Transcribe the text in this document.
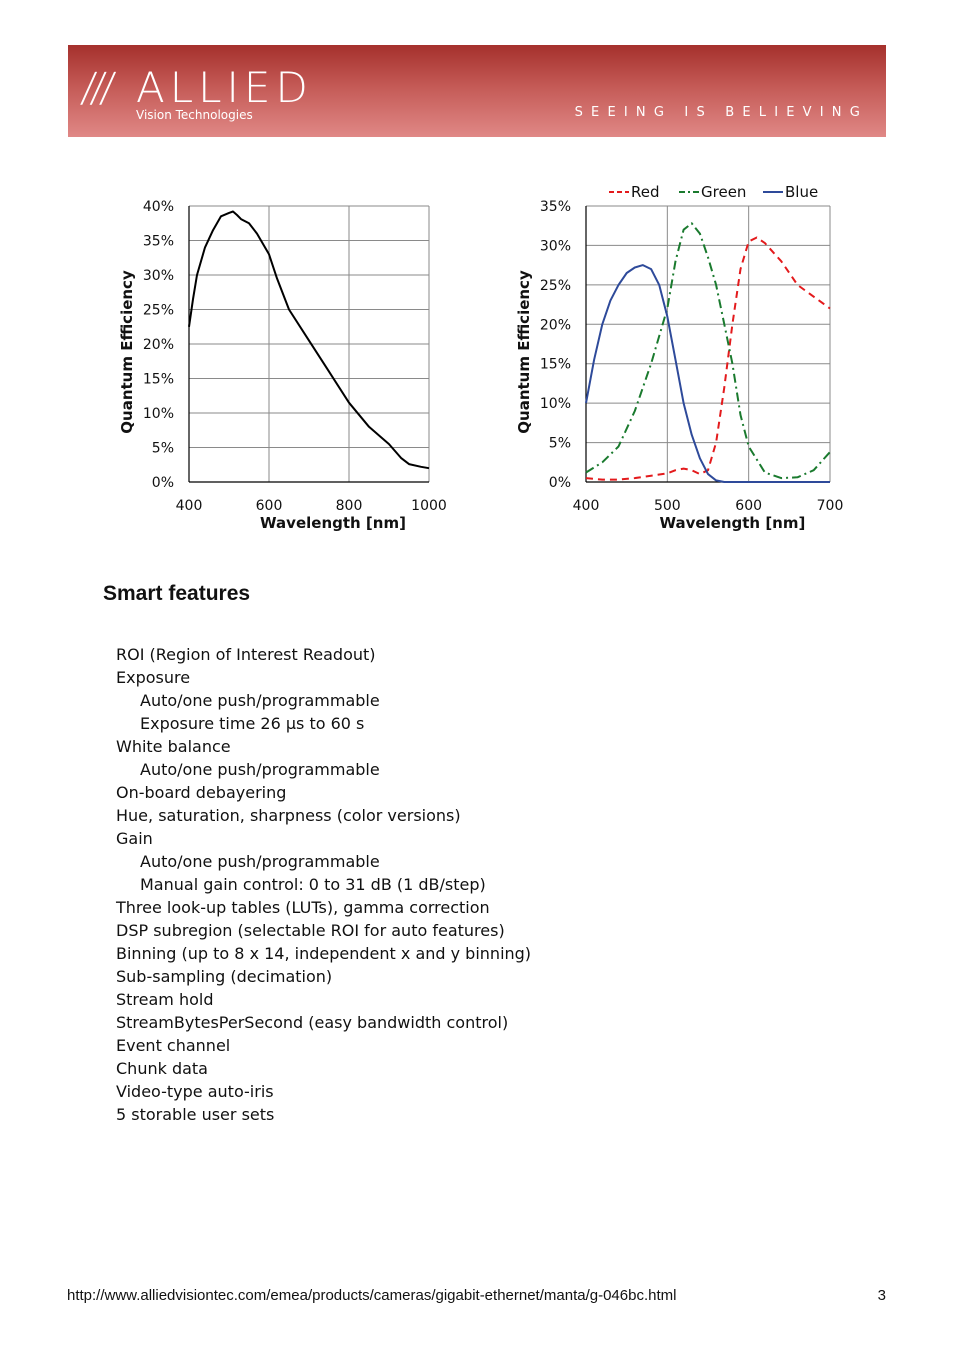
/// ALLIED
Vision Technologies	SEEING IS BELIEVING
0%
5%
10%
15%
20%
25%
30%
35%
40%
400	600	800	1000
Wavelength [nm]
Quantum Efficiency
0%
5%
10%
15%
20%
25%
30%
35%
400	500	600	700
Wavelength [nm]
Quantum Efficiency
Red	Green	Blue
Smart features
ROI (Region of Interest Readout)
Exposure
Auto/one push/programmable
Exposure time 26 µs to 60 s
White balance
Auto/one push/programmable
On-board debayering
Hue, saturation, sharpness (color versions)
Gain
Auto/one push/programmable
Manual gain control: 0 to 31 dB (1 dB/step)
Three look-up tables (LUTs), gamma correction
DSP subregion (selectable ROI for auto features)
Binning (up to 8 x 14, independent x and y binning)
Sub-sampling (decimation)
Stream hold
StreamBytesPerSecond (easy bandwidth control)
Event channel
Chunk data
Video-type auto-iris
5 storable user sets
http://www.alliedvisiontec.com/emea/products/cameras/gigabit-ethernet/manta/g-046bc.html	3
